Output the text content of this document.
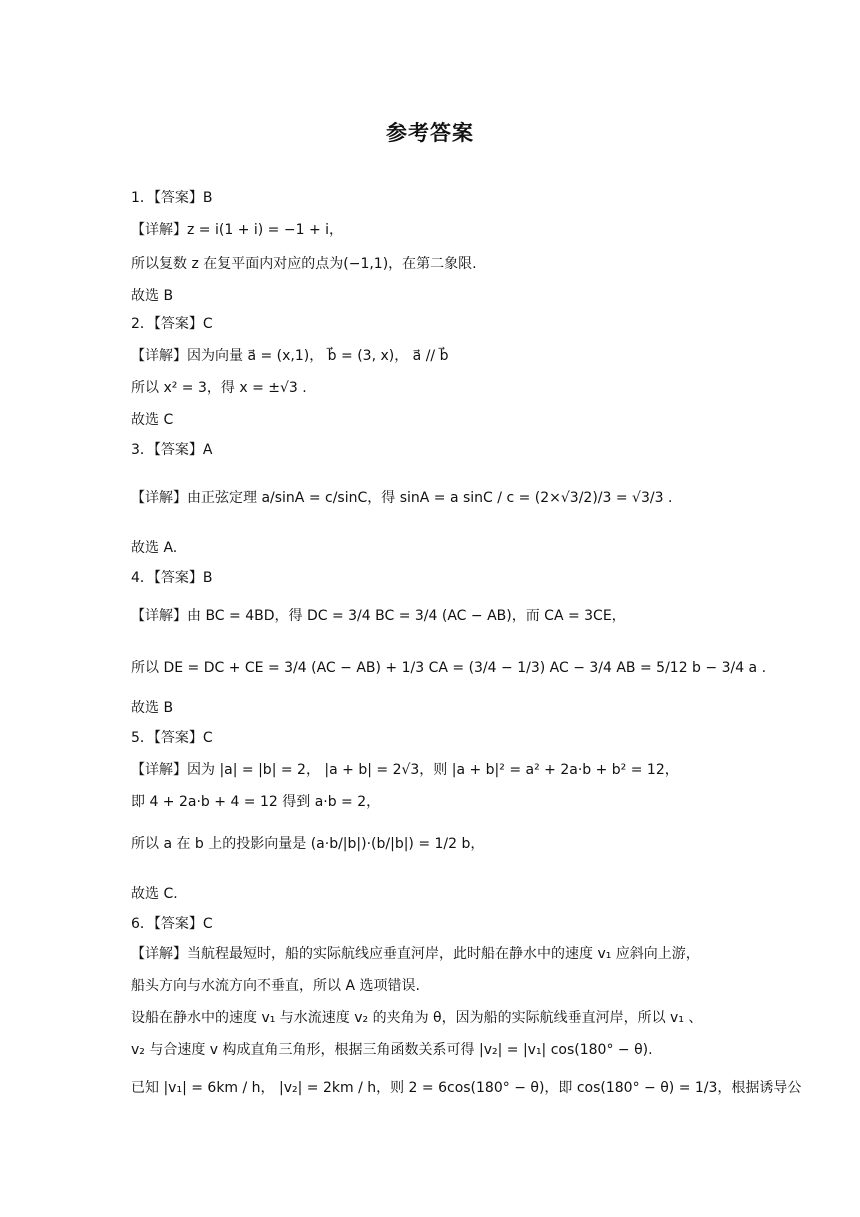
参考答案
1．【答案】B
【详解】z = i(1 + i) = −1 + i，
所以复数 z 在复平面内对应的点为(−1,1)，在第二象限.
故选 B
2．【答案】C
【详解】因为向量 a⃗ = (x,1)， b⃗ = (3, x)， a⃗ // b⃗
所以 x² = 3，得 x = ±√3 .
故选 C
3．【答案】A
【详解】由正弦定理 a/sinA = c/sinC，得 sinA = a sinC / c = (2×√3/2)/3 = √3/3 .
故选 A.
4．【答案】B
【详解】由 BC = 4BD，得 DC = 3/4 BC = 3/4 (AC − AB)，而 CA = 3CE，
所以 DE = DC + CE = 3/4 (AC − AB) + 1/3 CA = (3/4 − 1/3) AC − 3/4 AB = 5/12 b − 3/4 a .
故选 B
5．【答案】C
【详解】因为 |a| = |b| = 2， |a + b| = 2√3，则 |a + b|² = a² + 2a·b + b² = 12，
即 4 + 2a·b + 4 = 12 得到 a·b = 2，
所以 a 在 b 上的投影向量是 (a·b/|b|)·(b/|b|) = 1/2 b，
故选 C.
6．【答案】C
【详解】当航程最短时，船的实际航线应垂直河岸，此时船在静水中的速度 v₁ 应斜向上游，
船头方向与水流方向不垂直，所以 A 选项错误.
设船在静水中的速度 v₁ 与水流速度 v₂ 的夹角为 θ，因为船的实际航线垂直河岸，所以 v₁ 、
v₂ 与合速度 v 构成直角三角形，根据三角函数关系可得 |v₂| = |v₁| cos(180° − θ).
已知 |v₁| = 6km / h， |v₂| = 2km / h，则 2 = 6cos(180° − θ)，即 cos(180° − θ) = 1/3，根据诱导公
